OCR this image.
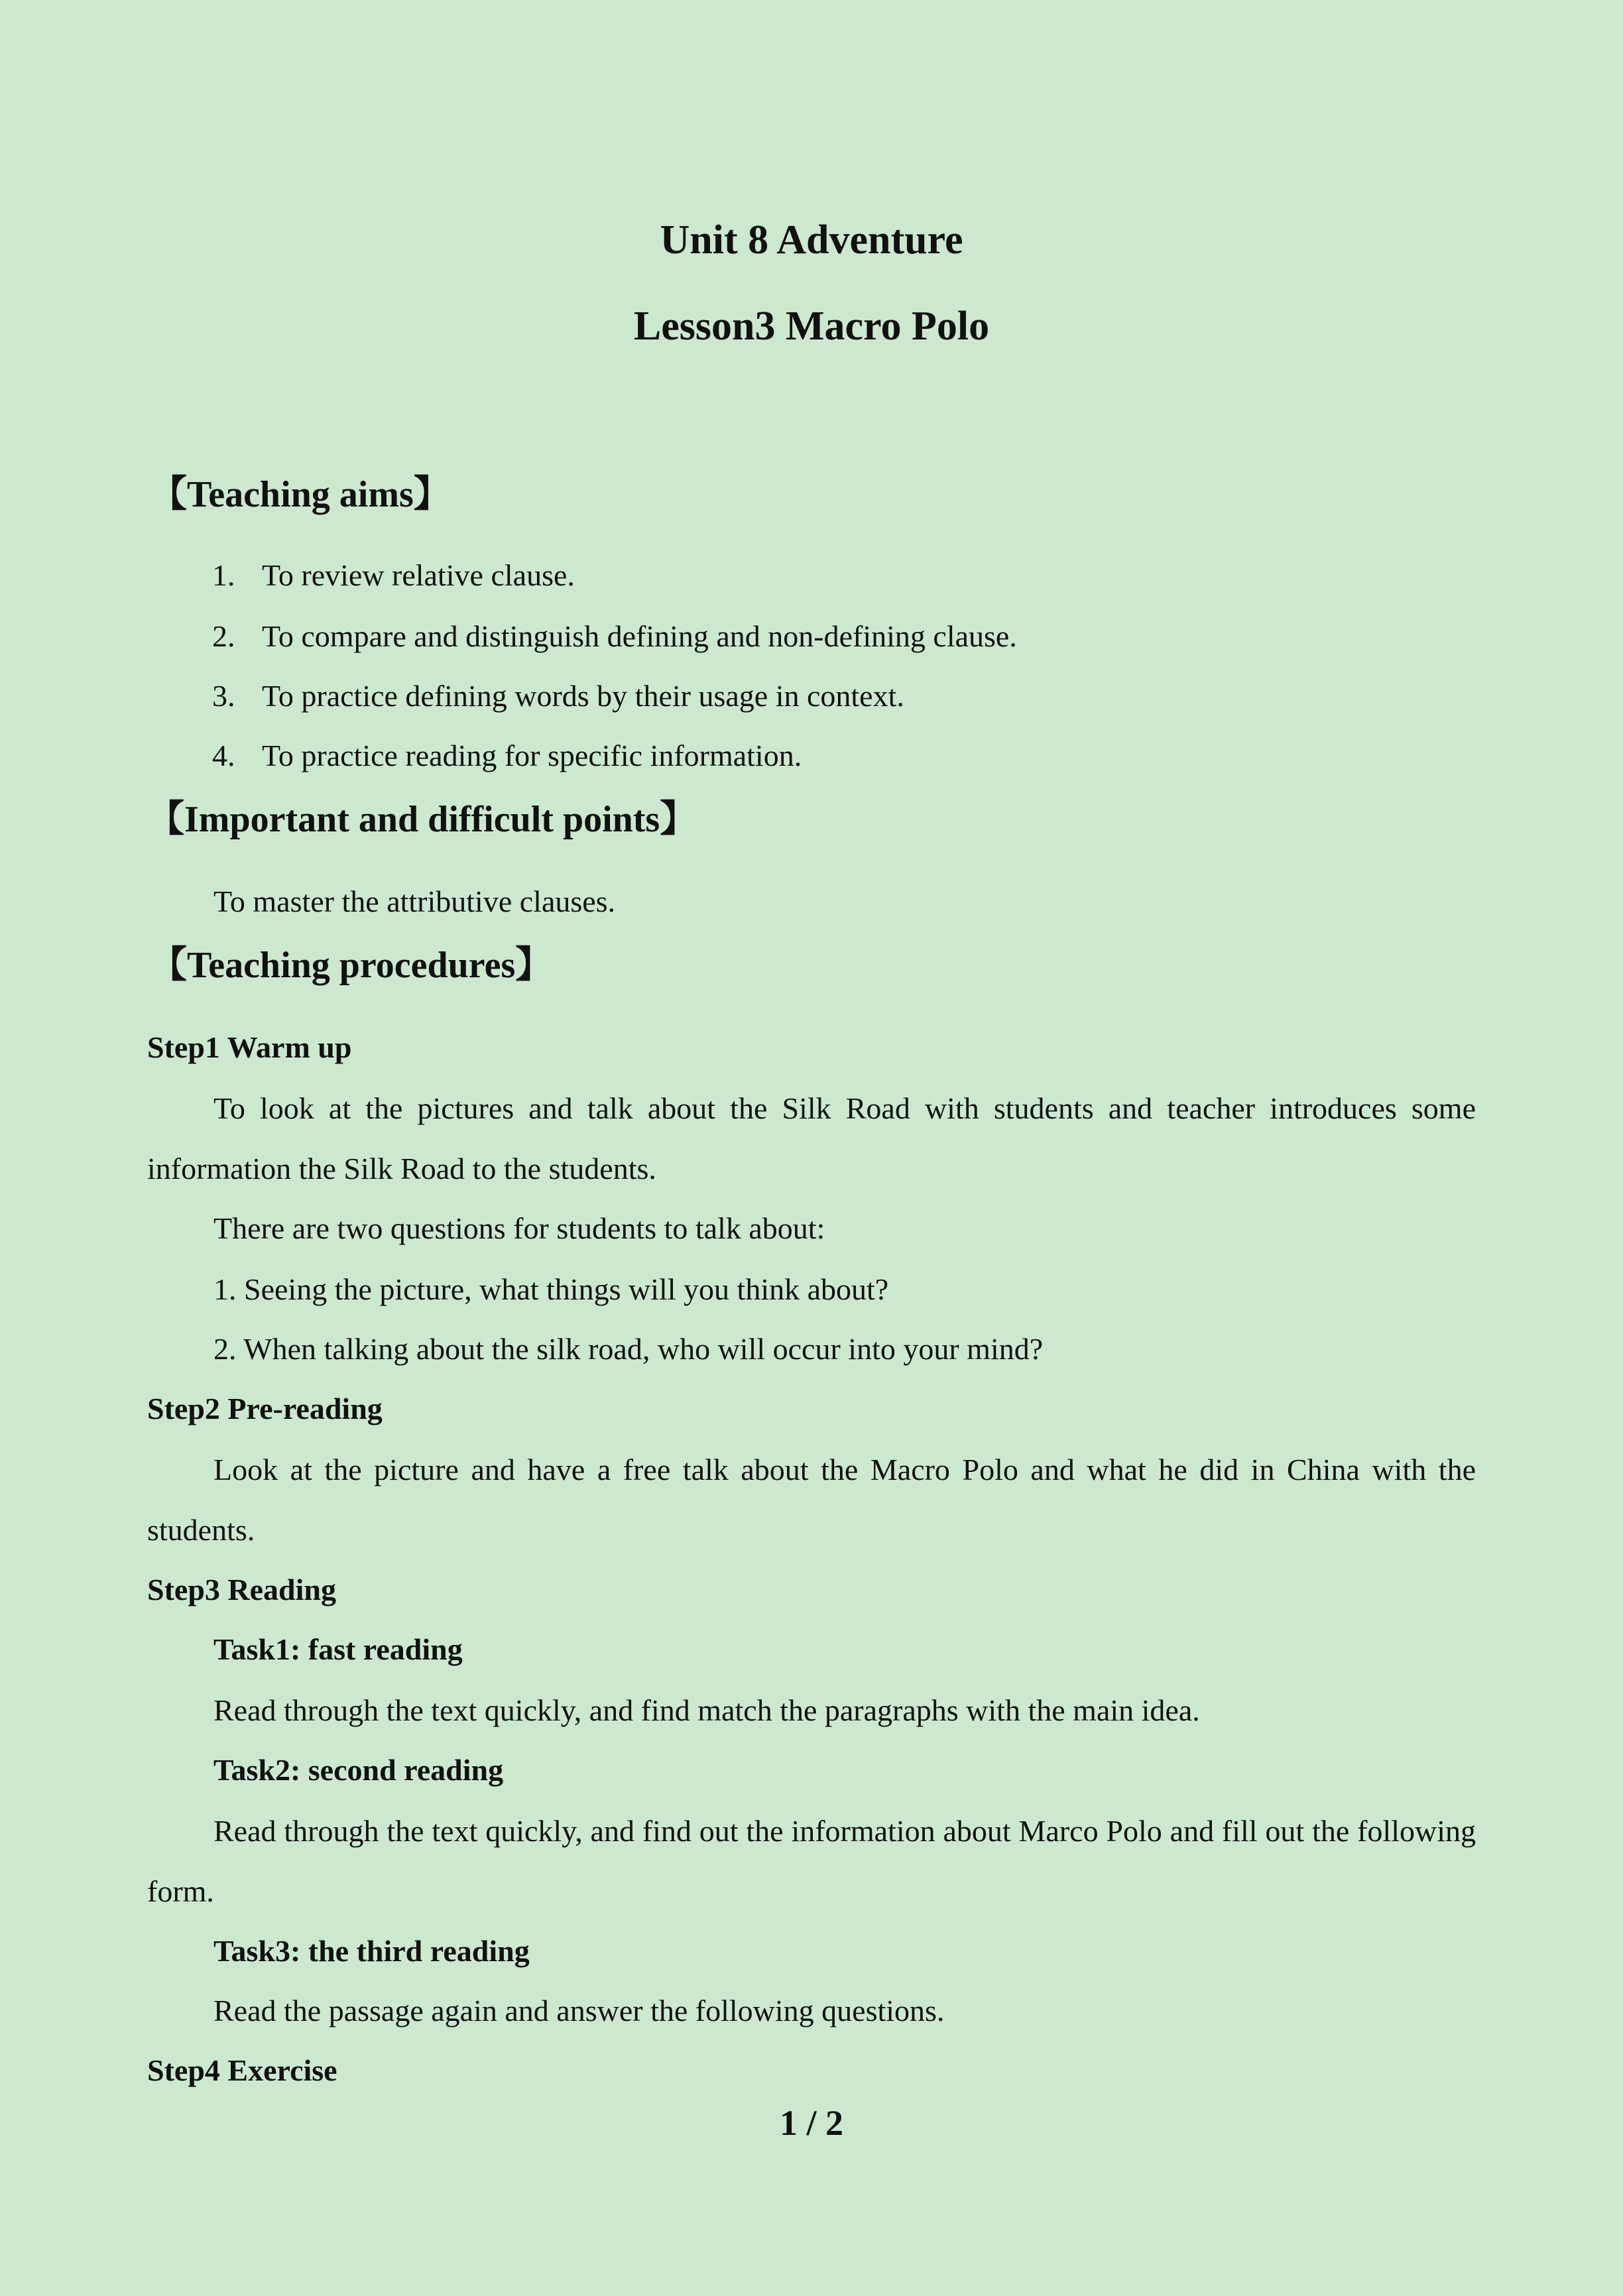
Unit 8 Adventure
Lesson3 Macro Polo
【Teaching aims】
1. To review relative clause.
2. To compare and distinguish defining and non-defining clause.
3. To practice defining words by their usage in context.
4. To practice reading for specific information.
【Important and difficult points】
To master the attributive clauses.
【Teaching procedures】
Step1 Warm up
To look at the pictures and talk about the Silk Road with students and teacher introduces some information the Silk Road to the students.
There are two questions for students to talk about:
1. Seeing the picture, what things will you think about?
2. When talking about the silk road, who will occur into your mind?
Step2 Pre-reading
Look at the picture and have a free talk about the Macro Polo and what he did in China with the students.
Step3 Reading
Task1: fast reading
Read through the text quickly, and find match the paragraphs with the main idea.
Task2: second reading
Read through the text quickly, and find out the information about Marco Polo and fill out the following form.
Task3: the third reading
Read the passage again and answer the following questions.
Step4 Exercise
1 / 2
